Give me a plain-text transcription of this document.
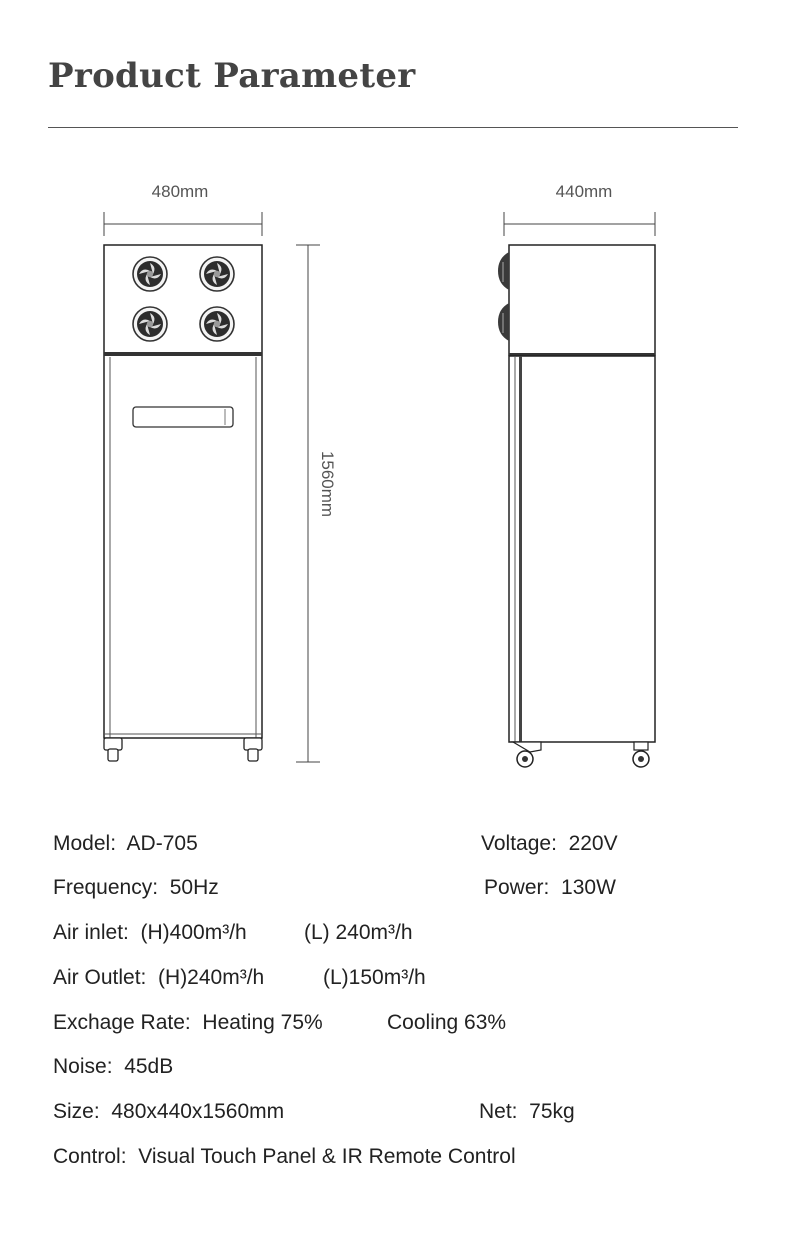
Product Parameter
480mm
1560mm
440mm
Model:  AD-705	Voltage:  220V
Frequency:  50Hz	Power:  130W
Air inlet:  (H)400m³/h	(L) 240m³/h
Air Outlet:  (H)240m³/h	(L)150m³/h
Exchage Rate:  Heating 75%	Cooling 63%
Noise:  45dB
Size:  480x440x1560mm	Net:  75kg
Control:  Visual Touch Panel & IR Remote Control
